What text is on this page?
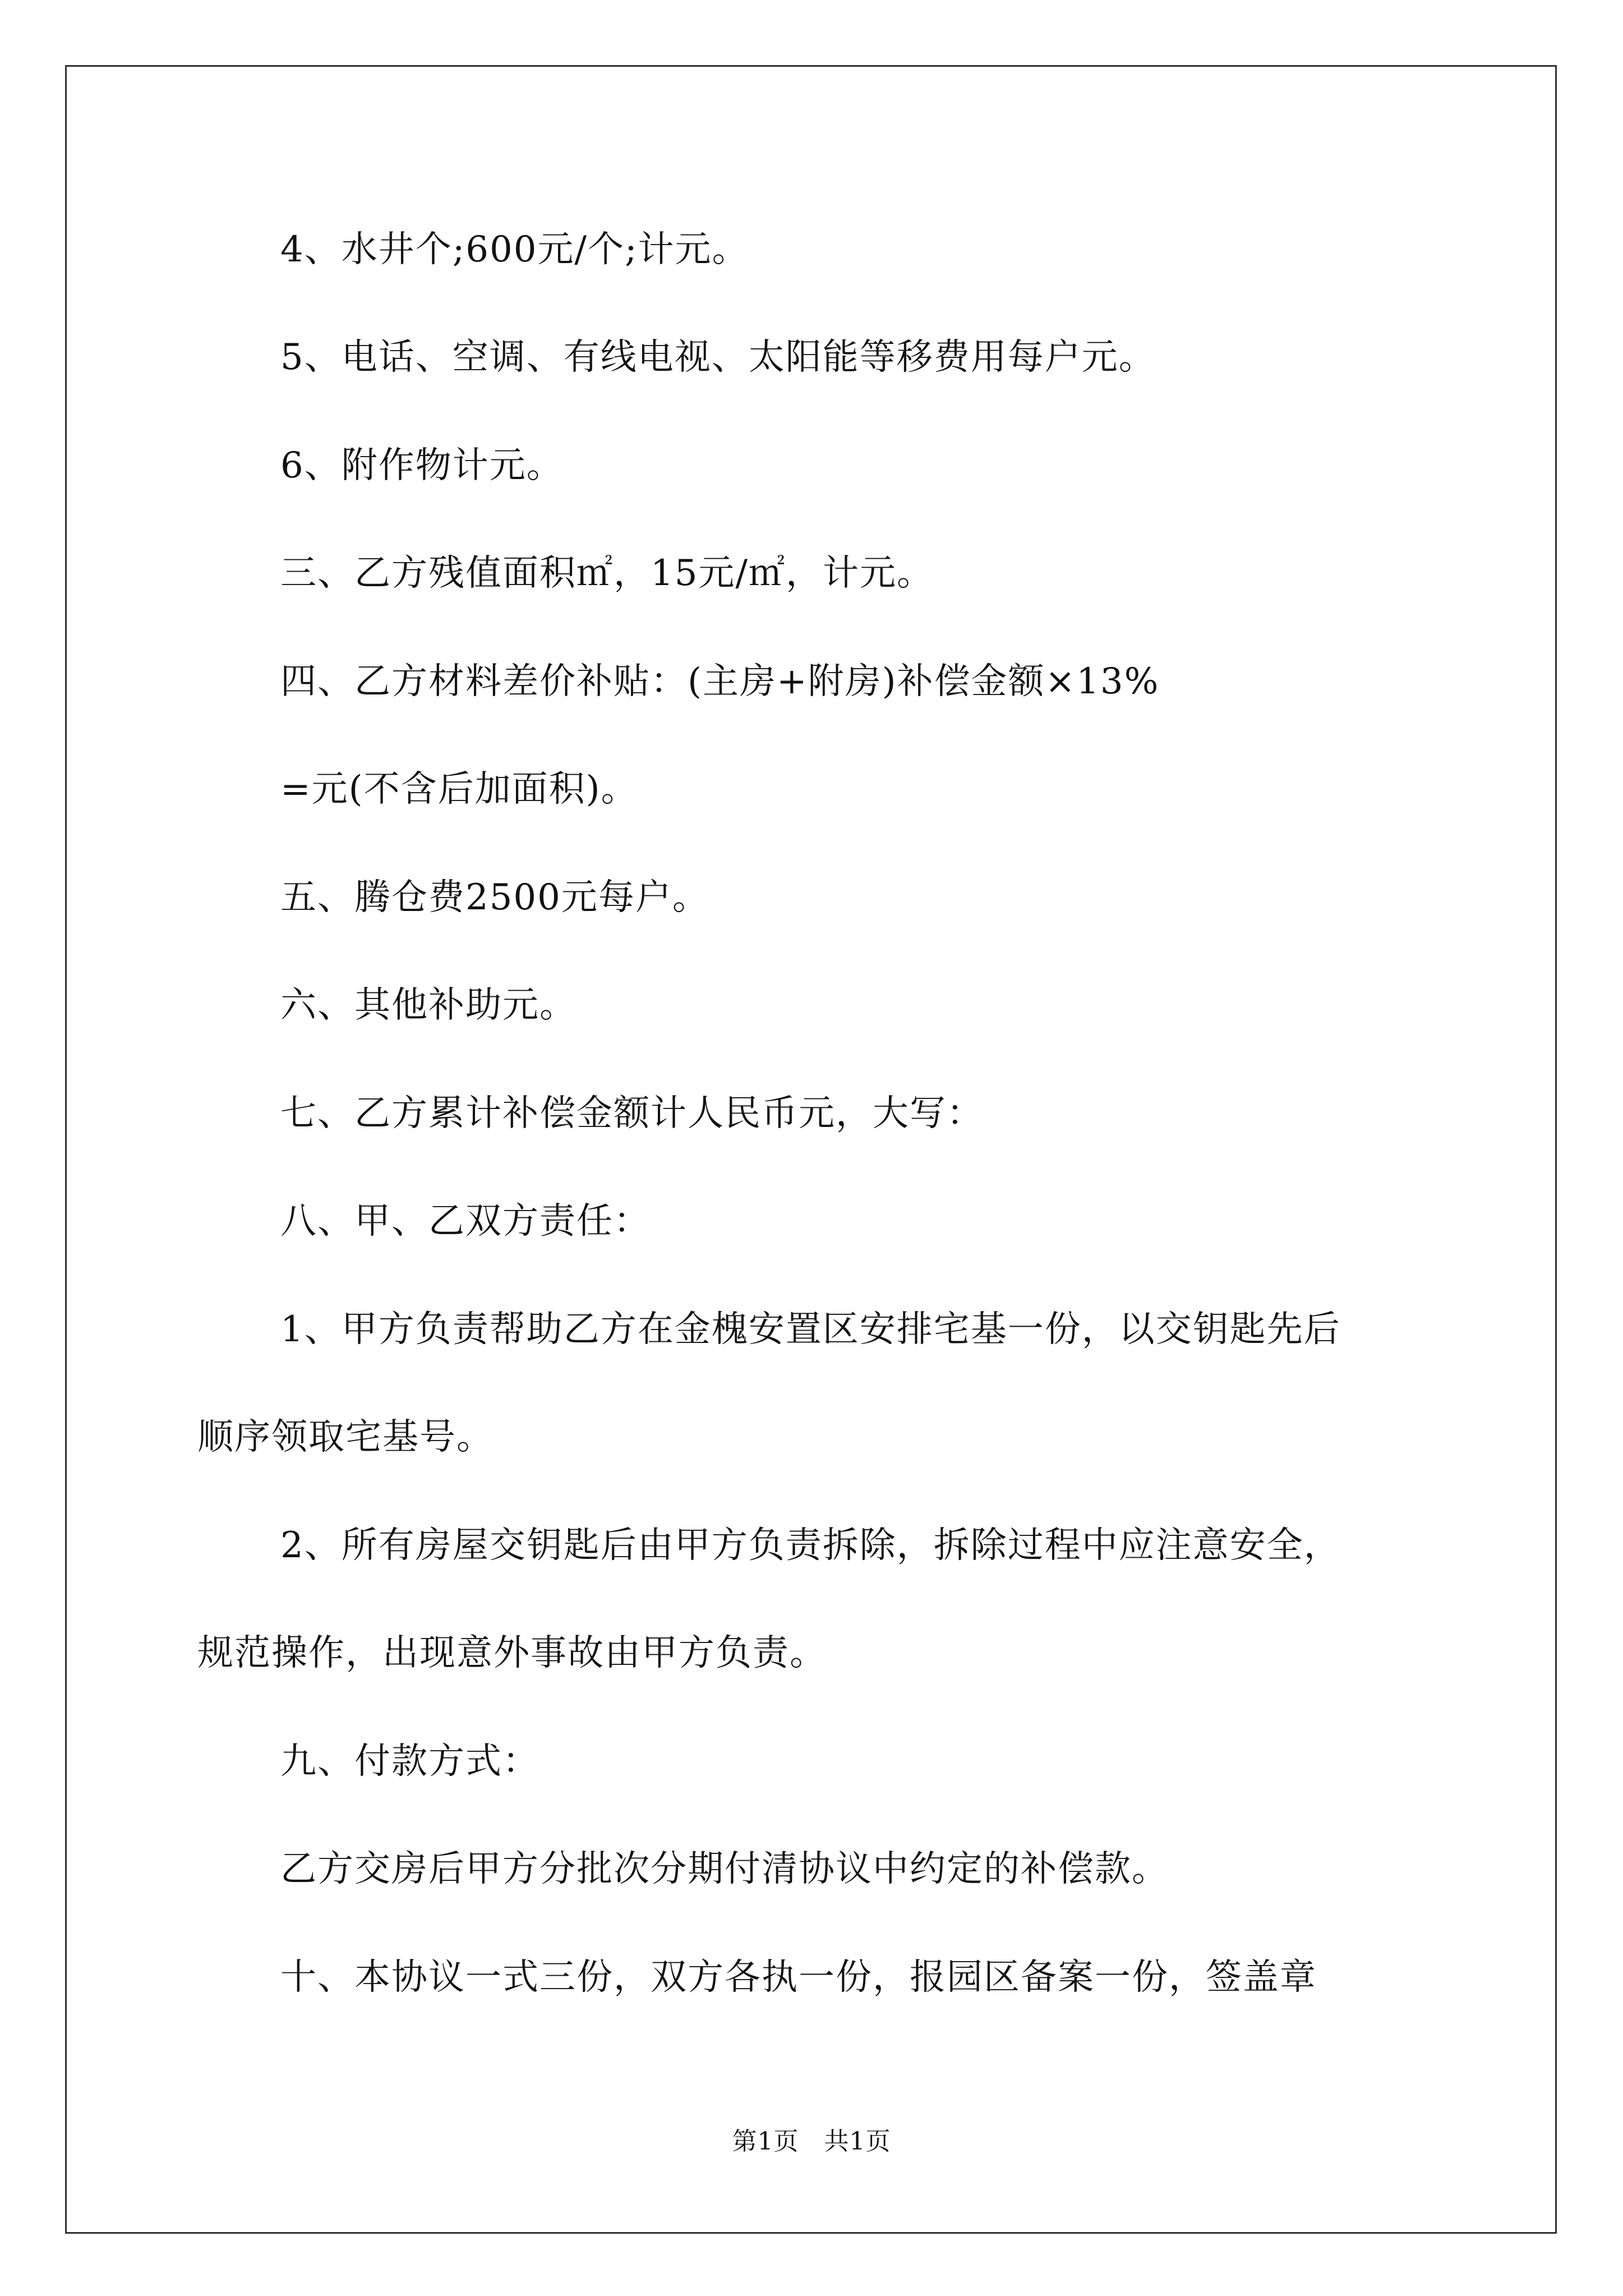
4、水井个;600元/个;计元。
5、电话、空调、有线电视、太阳能等移费用每户元。
6、附作物计元。
三、乙方残值面积㎡，15元/㎡，计元。
四、乙方材料差价补贴：(主房+附房)补偿金额×13%
=元(不含后加面积)。
五、腾仓费2500元每户。
六、其他补助元。
七、乙方累计补偿金额计人民币元，大写：
八、甲、乙双方责任：
1、甲方负责帮助乙方在金槐安置区安排宅基一份，以交钥匙先后
顺序领取宅基号。
2、所有房屋交钥匙后由甲方负责拆除，拆除过程中应注意安全，
规范操作，出现意外事故由甲方负责。
九、付款方式：
乙方交房后甲方分批次分期付清协议中约定的补偿款。
十、本协议一式三份，双方各执一份，报园区备案一份，签盖章
第1页　共1页
